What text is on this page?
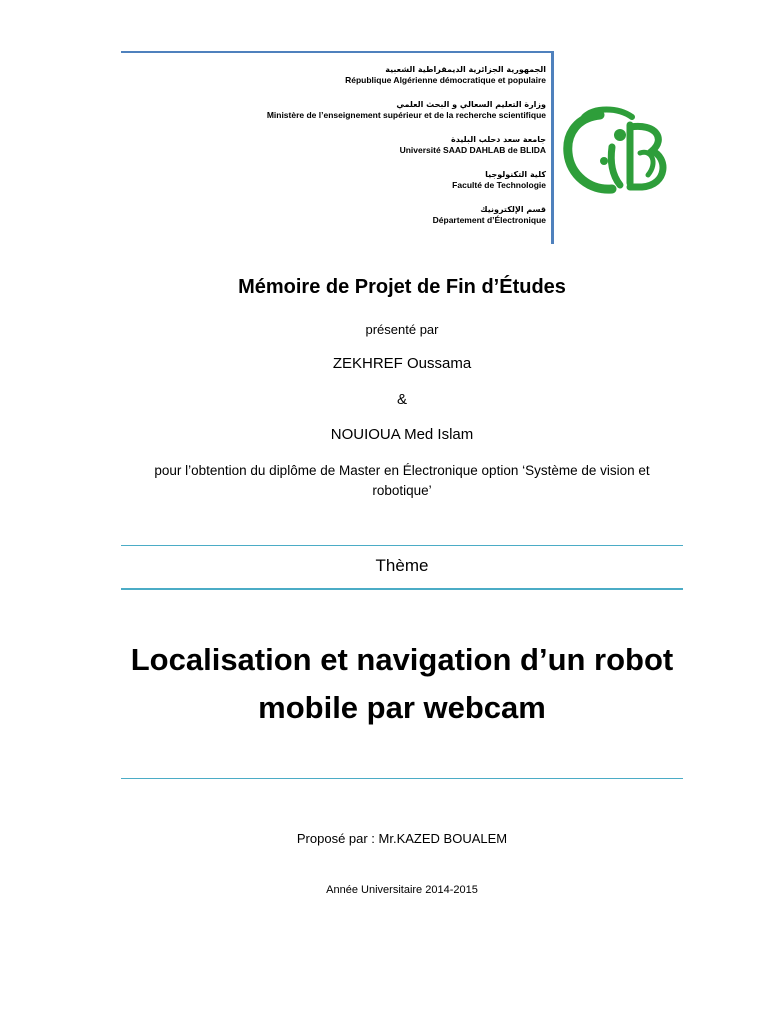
الجمهورية الجزائرية الديمقراطية الشعبية
République Algérienne démocratique et populaire
وزارة التعليم السعالي و البحث العلمي
Ministère de l’enseignement supérieur et de la recherche scientifique
جامعة سعد دحلب البليدة
Université SAAD DAHLAB de BLIDA
كلية التكنولوجيا
Faculté de Technologie
قسم الإلكترونيك
Département d’Électronique
Mémoire de Projet de Fin d’Études
présenté par
ZEKHREF Oussama
&
NOUIOUA Med Islam
pour l’obtention du diplôme de Master en Électronique option ‘Système de vision et robotique’
Thème
Localisation et navigation d’un robot mobile par webcam
Proposé par : Mr.KAZED BOUALEM
Année Universitaire 2014-2015
